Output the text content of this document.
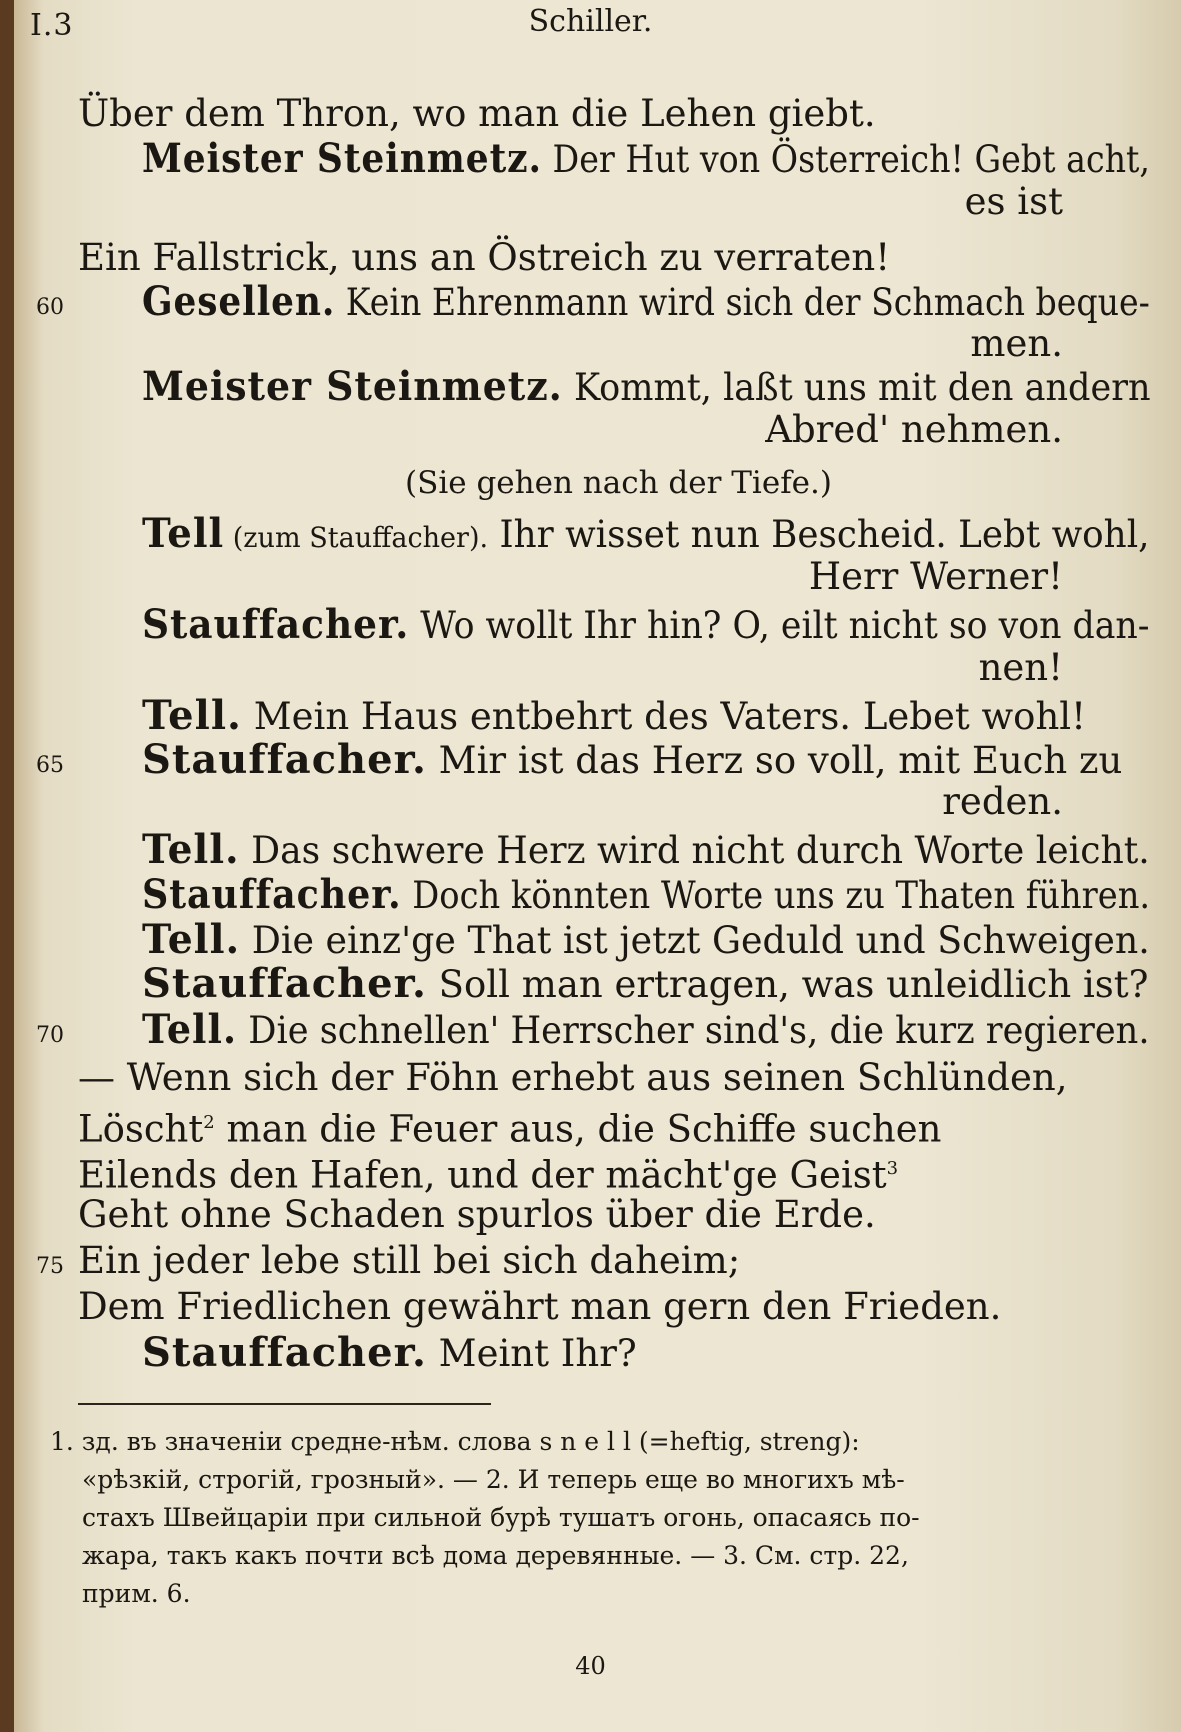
I.3	Schiller.
Über dem Thron, wo man die Lehen giebt.
Meister Steinmetz. Der Hut von Österreich! Gebt acht,
es ist
Ein Fallstrick, uns an Östreich zu verraten!
60 Gesellen. Kein Ehrenmann wird sich der Schmach beque-
men.
Meister Steinmetz. Kommt, laßt uns mit den andern
Abred' nehmen.
(Sie gehen nach der Tiefe.)
Tell (zum Stauffacher). Ihr wisset nun Bescheid. Lebt wohl,
Herr Werner!
Stauffacher. Wo wollt Ihr hin? O, eilt nicht so von dan-
nen!
Tell. Mein Haus entbehrt des Vaters. Lebet wohl!
65 Stauffacher. Mir ist das Herz so voll, mit Euch zu
reden.
Tell. Das schwere Herz wird nicht durch Worte leicht.
Stauffacher. Doch könnten Worte uns zu Thaten führen.
Tell. Die einz'ge That ist jetzt Geduld und Schweigen.
Stauffacher. Soll man ertragen, was unleidlich ist?
70 Tell. Die schnellen' Herrscher sind's, die kurz regieren.
— Wenn sich der Föhn erhebt aus seinen Schlünden,
Löscht$^2$ man die Feuer aus, die Schiffe suchen
Eilends den Hafen, und der mächt'ge Geist$^3$
Geht ohne Schaden spurlos über die Erde.
75 Ein jeder lebe still bei sich daheim;
Dem Friedlichen gewährt man gern den Frieden.
Stauffacher. Meint Ihr?
1. зд. въ значеніи средне-нѣм. слова s n e l l (=heftig, streng):
«рѣзкій, строгій, грозный». — 2. И теперь еще во многихъ мѣ-
стахъ Швейцаріи при сильной бурѣ тушатъ огонь, опасаясь по-
жара, такъ какъ почти всѣ дома деревянные. — 3. См. стр. 22,
прим. 6.
40
